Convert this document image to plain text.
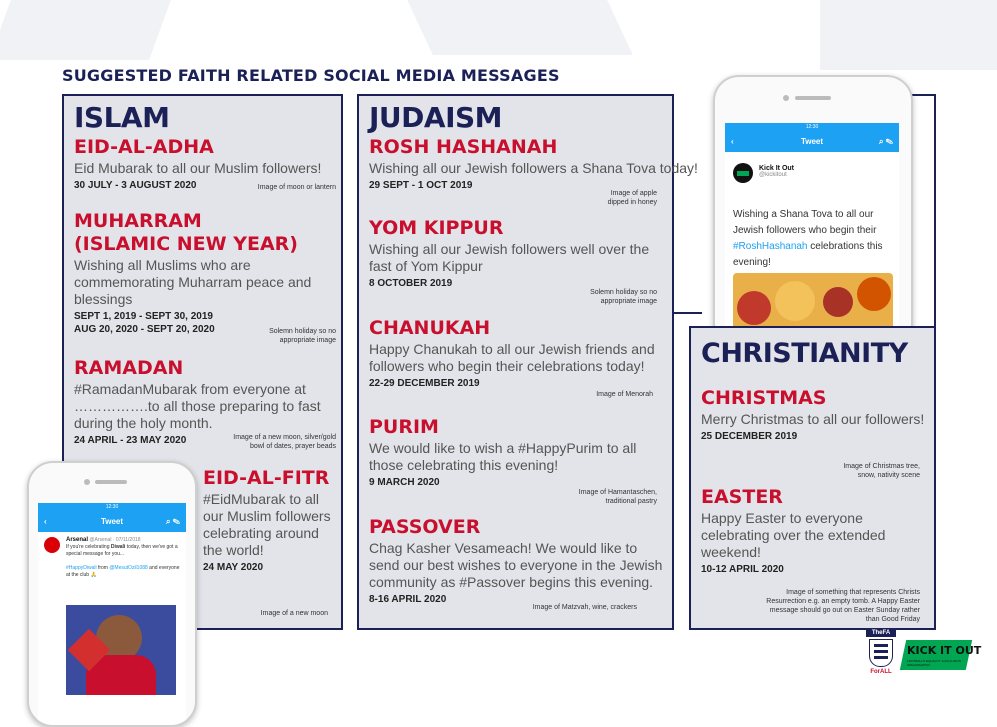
SUGGESTED FAITH RELATED SOCIAL MEDIA MESSAGES
ISLAM
EID-AL-ADHA
Eid Mubarak to all our Muslim followers!
30 JULY - 3 AUGUST 2020	Image of moon or lantern
MUHARRAM
(ISLAMIC NEW YEAR)
Wishing all Muslims who are commemorating Muharram peace and blessings
SEPT 1, 2019 - SEPT 30, 2019
AUG 20, 2020 - SEPT 20, 2020	Solemn holiday so no appropriate image
RAMADAN
#RamadanMubarak from everyone at …………….to all those preparing to fast during the holy month.
24 APRIL - 23 MAY 2020	Image of a new moon, silver/gold bowl of dates, prayer beads
EID-AL-FITR
#EidMubarak to all our Muslim followers celebrating around the world!
24 MAY 2020
Image of a new moon
JUDAISM
ROSH HASHANAH
Wishing all our Jewish followers a Shana Tova today!
29 SEPT - 1 OCT 2019
Image of apple dipped in honey
YOM KIPPUR
Wishing all our Jewish followers well over the fast of Yom Kippur
8 OCTOBER 2019
Solemn holiday so no appropriate image
CHANUKAH
Happy Chanukah to all our Jewish friends and followers who begin their celebrations today!
22-29 DECEMBER 2019
Image of Menorah
PURIM
We would like to wish a #HappyPurim to all those celebrating this evening!
9 MARCH 2020
Image of Hamantaschen, traditional pastry
PASSOVER
Chag Kasher Vesameach! We would like to send our best wishes to everyone in the Jewish community as #Passover begins this evening.
8-16 APRIL 2020
Image of Matzvah, wine, crackers
12:30
‹	Tweet	⌕ ✎
Kick It Out
@kickitout
Wishing a Shana Tova to all our Jewish followers who begin their #RoshHashanah celebrations this evening!
CHRISTIANITY
CHRISTMAS
Merry Christmas to all our followers!
25 DECEMBER 2019
Image of Christmas tree, snow, nativity scene
EASTER
Happy Easter to everyone celebrating over the extended weekend!
10-12 APRIL 2020
Image of something that represents Christs Resurrection e.g. an empty tomb. A Happy Easter message should go out on Easter Sunday rather than Good Friday
12:30
‹	Tweet	⌕ ✎
Arsenal @Arsenal · 07/11/2018
If you're celebrating Diwali today, then we've got a special message for you...

#HappyDiwali from @MesutOzil1088 and everyone at the club 🙏
TheFA
ForALL
KICK IT OUT
FOOTBALL'S EQUALITY & INCLUSION ORGANISATION
